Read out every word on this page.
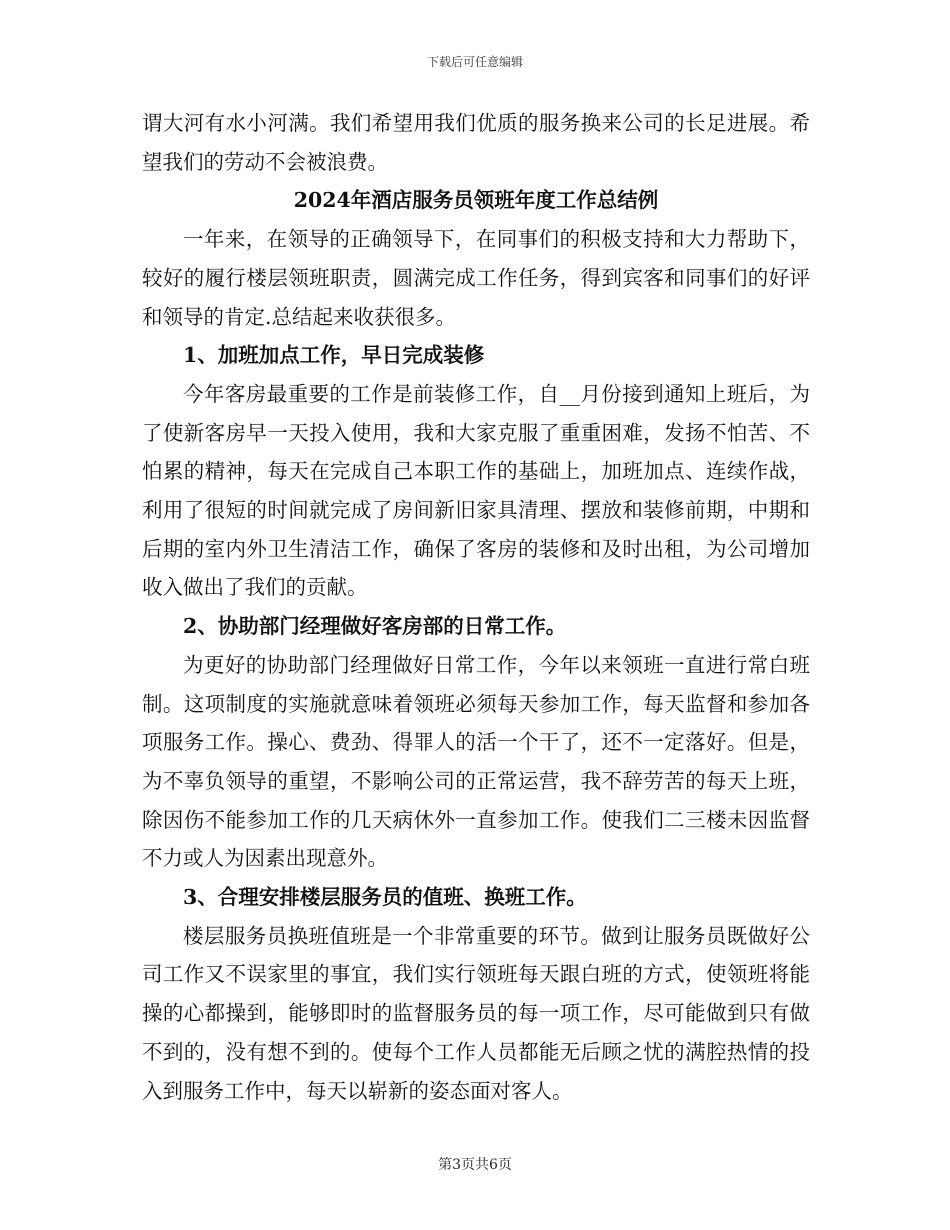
下载后可任意编辑

谓大河有水小河满。我们希望用我们优质的服务换来公司的长足进展。希望我们的劳动不会被浪费。

2024年酒店服务员领班年度工作总结例

一年来，在领导的正确领导下，在同事们的积极支持和大力帮助下，较好的履行楼层领班职责，圆满完成工作任务，得到宾客和同事们的好评和领导的肯定.总结起来收获很多。

1、加班加点工作，早日完成装修

今年客房最重要的工作是前装修工作，自__月份接到通知上班后，为了使新客房早一天投入使用，我和大家克服了重重困难，发扬不怕苦、不怕累的精神，每天在完成自己本职工作的基础上，加班加点、连续作战，利用了很短的时间就完成了房间新旧家具清理、摆放和装修前期，中期和后期的室内外卫生清洁工作，确保了客房的装修和及时出租，为公司增加收入做出了我们的贡献。

2、协助部门经理做好客房部的日常工作。

为更好的协助部门经理做好日常工作，今年以来领班一直进行常白班制。这项制度的实施就意味着领班必须每天参加工作，每天监督和参加各项服务工作。操心、费劲、得罪人的活一个干了，还不一定落好。但是，为不辜负领导的重望，不影响公司的正常运营，我不辞劳苦的每天上班，除因伤不能参加工作的几天病休外一直参加工作。使我们二三楼未因监督不力或人为因素出现意外。

3、合理安排楼层服务员的值班、换班工作。

楼层服务员换班值班是一个非常重要的环节。做到让服务员既做好公司工作又不误家里的事宜，我们实行领班每天跟白班的方式，使领班将能操的心都操到，能够即时的监督服务员的每一项工作，尽可能做到只有做不到的，没有想不到的。使每个工作人员都能无后顾之忧的满腔热情的投入到服务工作中，每天以崭新的姿态面对客人。

第3页共6页
